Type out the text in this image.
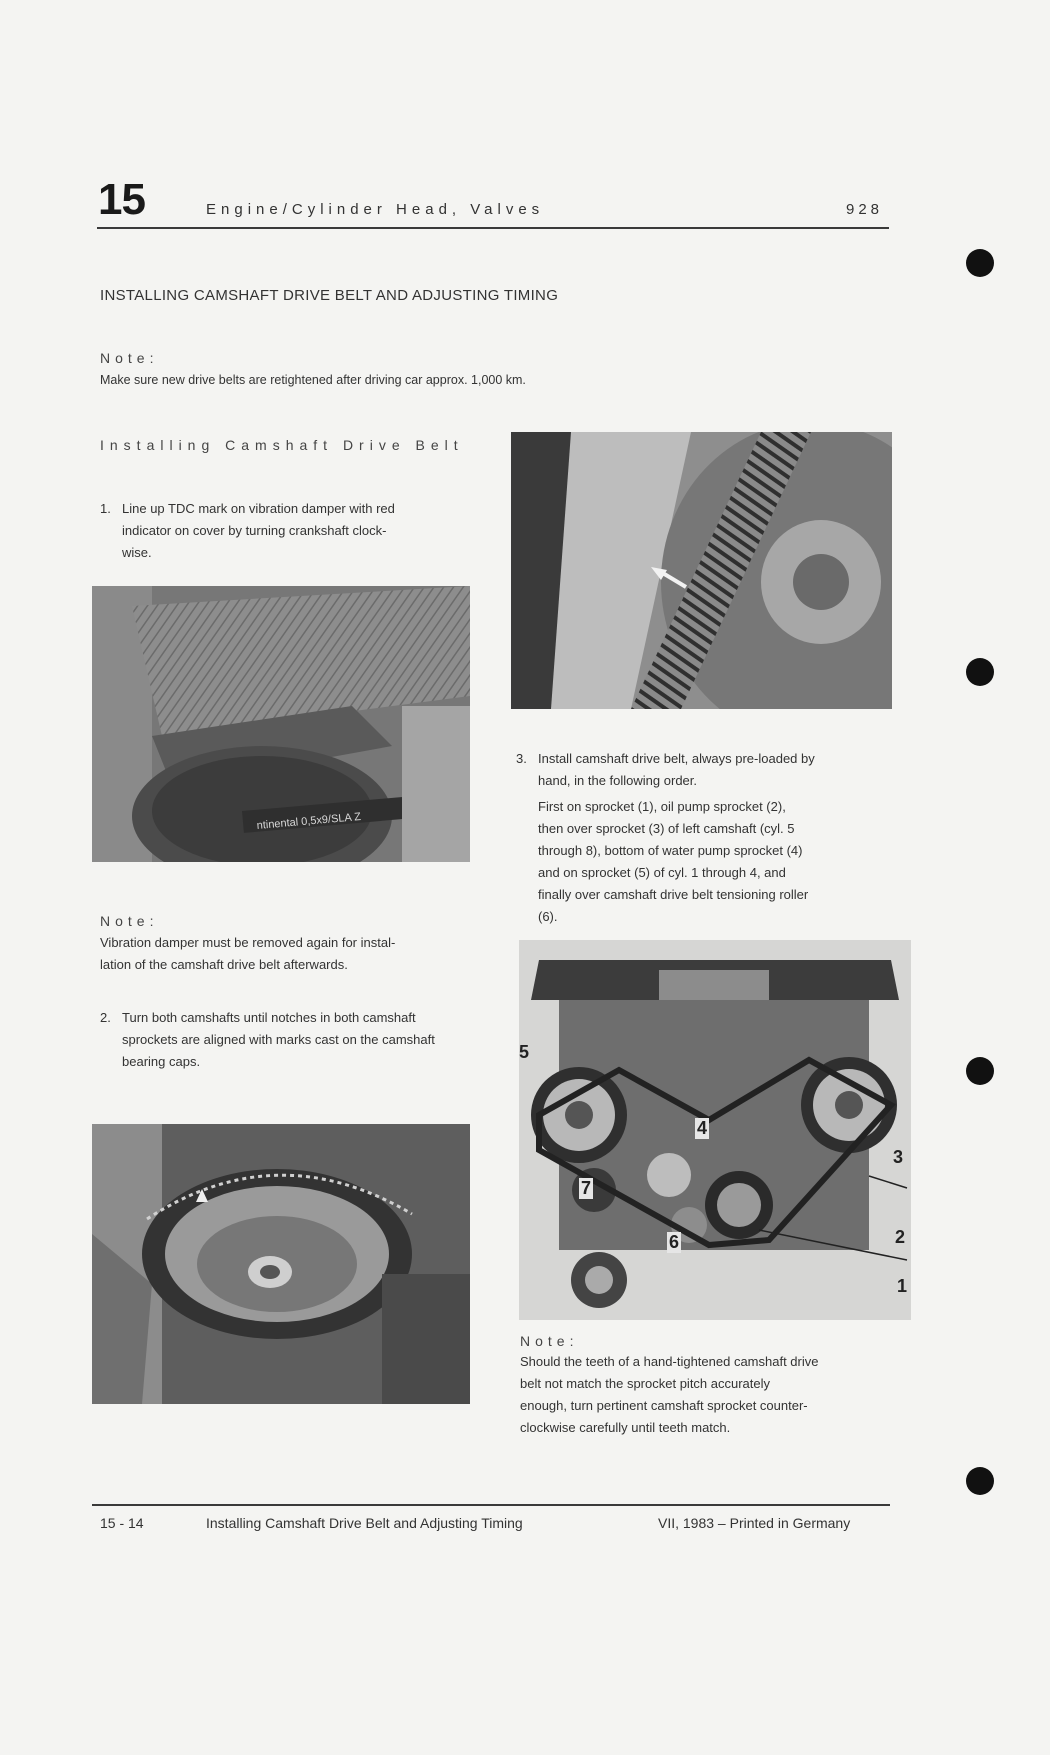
15	Engine/Cylinder Head, Valves	928
INSTALLING CAMSHAFT DRIVE BELT AND ADJUSTING TIMING
Note:
Make sure new drive belts are retightened after driving car approx. 1,000 km.
Installing Camshaft Drive Belt
1. Line up TDC mark on vibration damper with red
indicator on cover by turning crankshaft clock-
wise.
ntinental 0,5x9/SLA Z
Note:
Vibration damper must be removed again for instal-
lation of the camshaft drive belt afterwards.
2. Turn both camshafts until notches in both camshaft
sprockets are aligned with marks cast on the camshaft
bearing caps.
3. Install camshaft drive belt, always pre-loaded by
hand, in the following order.
First on sprocket (1), oil pump sprocket (2),
then over sprocket (3) of left camshaft (cyl. 5
through 8), bottom of water pump sprocket (4)
and on sprocket (5) of cyl. 1 through 4, and
finally over camshaft drive belt tensioning roller
(6).
5
4
3
7
6	2
1
Note:
Should the teeth of a hand-tightened camshaft drive
belt not match the sprocket pitch accurately
enough, turn pertinent camshaft sprocket counter-
clockwise carefully until teeth match.
15 - 14	Installing Camshaft Drive Belt and Adjusting Timing	VII, 1983 – Printed in Germany
